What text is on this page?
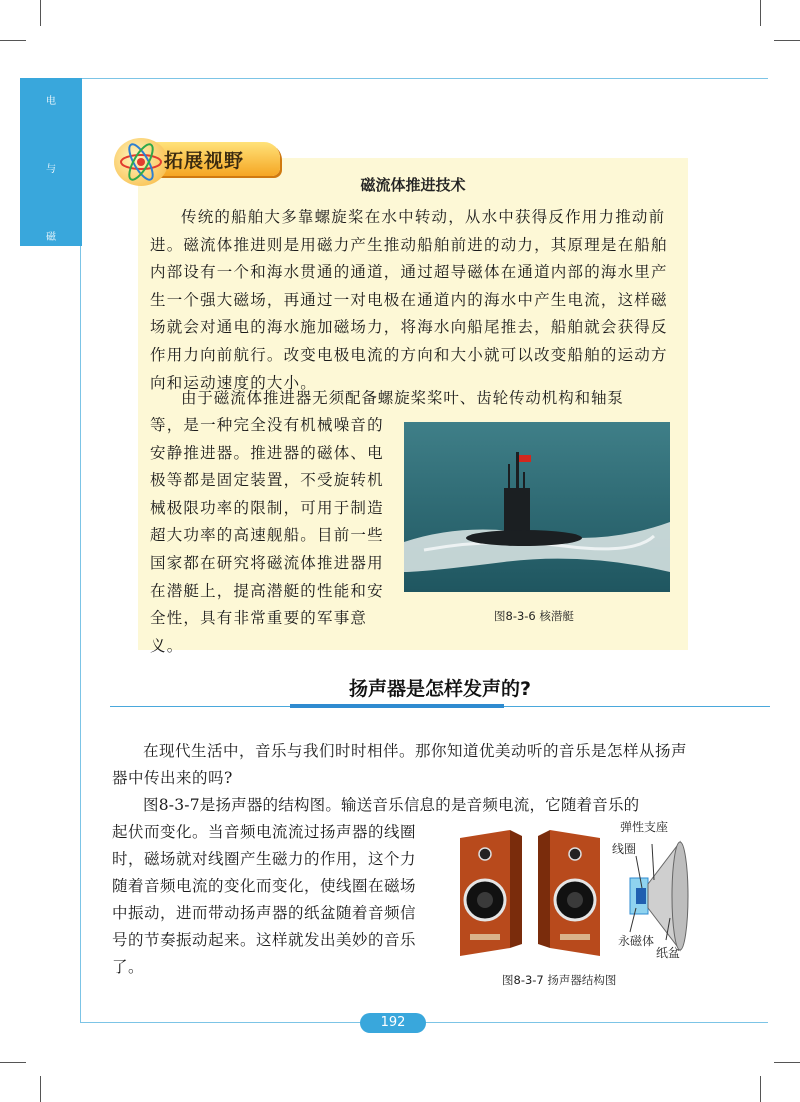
电
与
磁
拓展视野
磁流体推进技术

传统的船舶大多靠螺旋桨在水中转动，从水中获得反作用力推动前进。磁流体推进则是用磁力产生推动船舶前进的动力，其原理是在船舶内部设有一个和海水贯通的通道，通过超导磁体在通道内部的海水里产生一个强大磁场，再通过一对电极在通道内的海水中产生电流，这样磁场就会对通电的海水施加磁场力，将海水向船尾推去，船舶就会获得反作用力向前航行。改变电极电流的方向和大小就可以改变船舶的运动方向和运动速度的大小。

由于磁流体推进器无须配备螺旋桨桨叶、齿轮传动机构和轴泵

等，是一种完全没有机械噪音的安静推进器。推进器的磁体、电极等都是固定装置，不受旋转机械极限功率的限制，可用于制造超大功率的高速舰船。目前一些国家都在研究将磁流体推进器用在潜艇上，提高潜艇的性能和安全性，具有非常重要的军事意义。

图8-3-6 核潜艇
扬声器是怎样发声的?

在现代生活中，音乐与我们时时相伴。那你知道优美动听的音乐是怎样从扬声器中传出来的吗?

图8-3-7是扬声器的结构图。输送音乐信息的是音频电流，它随着音乐的

起伏而变化。当音频电流流过扬声器的线圈时，磁场就对线圈产生磁力的作用，这个力随着音频电流的变化而变化，使线圈在磁场中振动，进而带动扬声器的纸盆随着音频信号的节奏振动起来。这样就发出美妙的音乐了。

弹性支座
线圈
永磁体
纸盆
图8-3-7 扬声器结构图
192
